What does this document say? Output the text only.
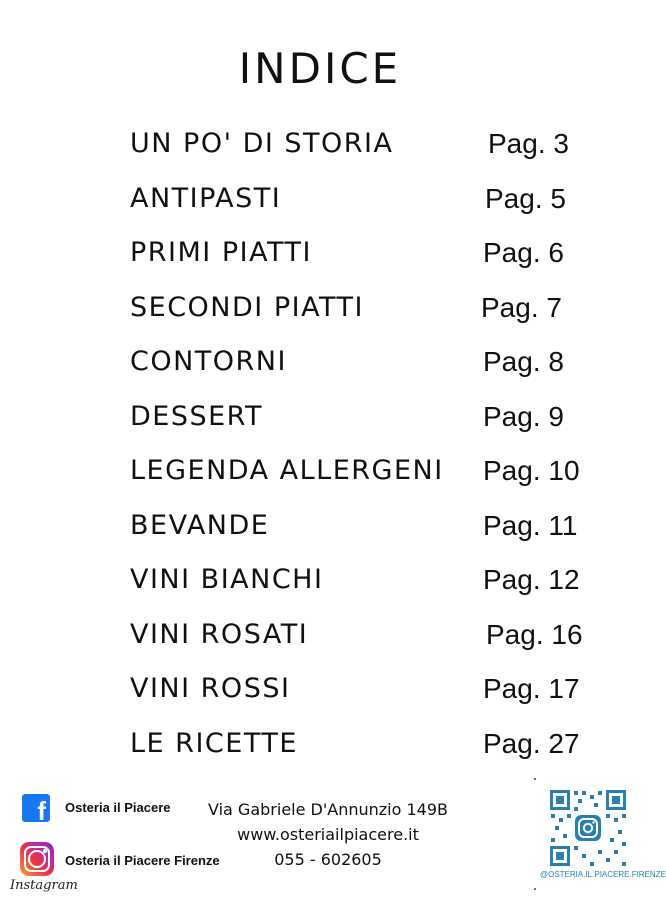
INDICE
UN PO' DI STORIA	Pag. 3
ANTIPASTI	Pag. 5
PRIMI PIATTI	Pag. 6
SECONDI PIATTI	Pag. 7
CONTORNI	Pag. 8
DESSERT	Pag. 9
LEGENDA ALLERGENI Pag. 10
BEVANDE	Pag. 11
VINI BIANCHI	Pag. 12
VINI ROSATI	Pag. 16
VINI ROSSI	Pag. 17
LE RICETTE	Pag. 27
f	Osteria il Piacere
Osteria il Piacere Firenze
Instagram
Via Gabriele D'Annunzio 149B
www.osteriailpiacere.it
055 - 602605
@OSTERIA.IL.PIACERE.FIRENZE
